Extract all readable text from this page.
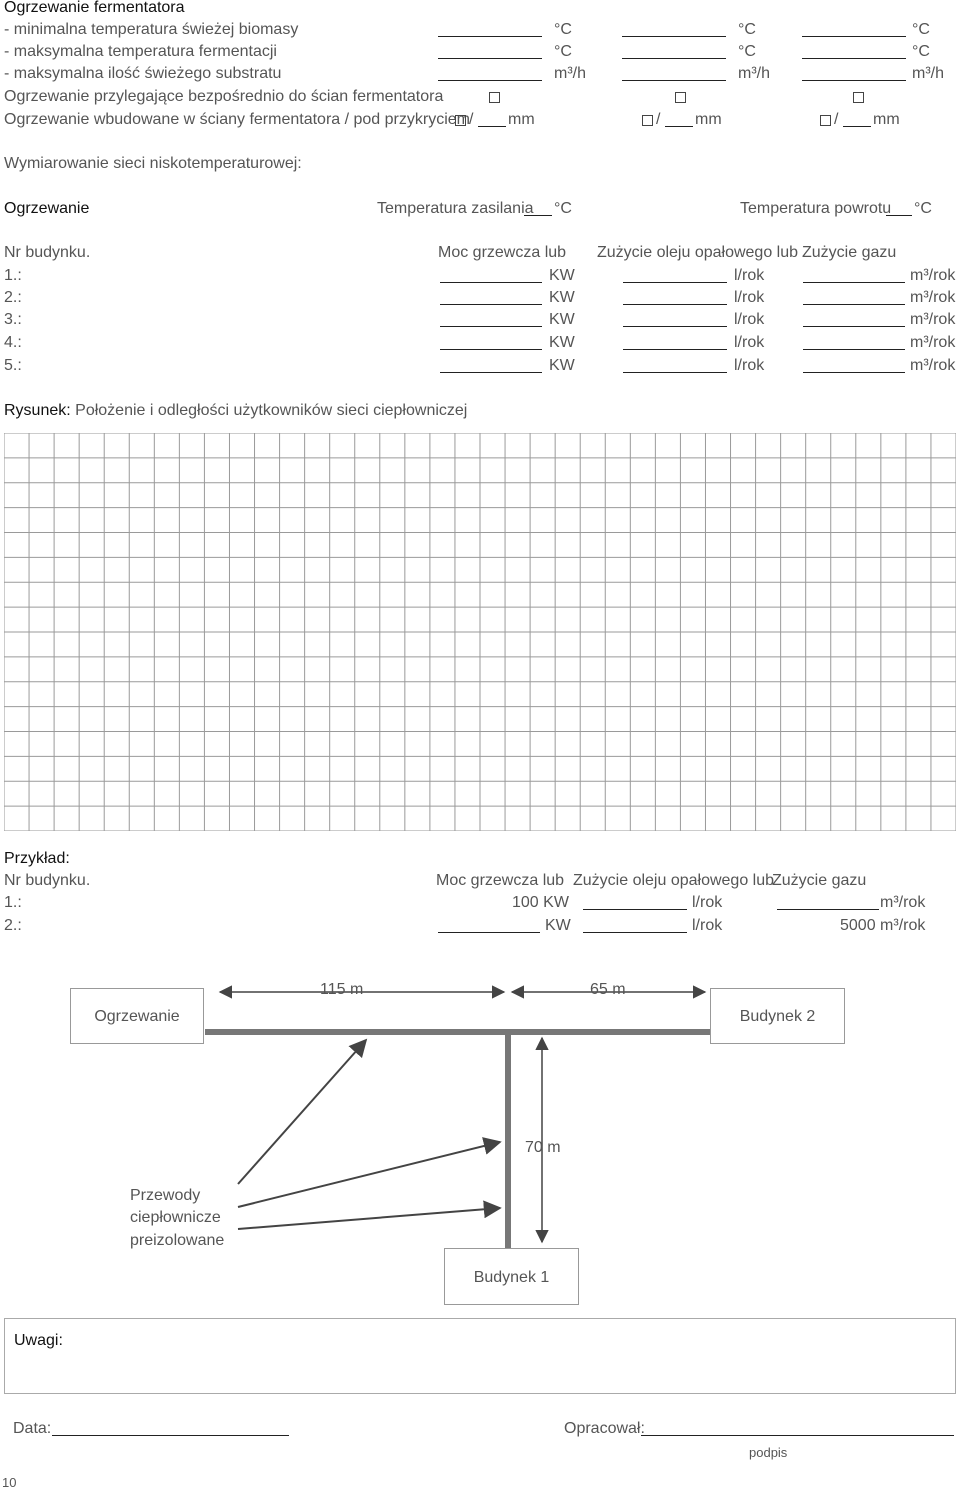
Ogrzewanie fermentatora
- minimalna temperatura świeżej biomasy	°C	°C	°C
- maksymalna temperatura fermentacji	°C	°C	°C
- maksymalna ilość świeżego substratu	m³/h	m³/h	m³/h
Ogrzewanie przylegające bezpośrednio do ścian fermentatora
Ogrzewanie wbudowane w ściany fermentatora / pod przykryciem / mm	/ mm	/ mm
Wymiarowanie sieci niskotemperaturowej:
Ogrzewanie	Temperatura zasilania °C	Temperatura powrotu °C
Nr budynku.	Moc grzewcza lub Zużycie oleju opałowego lub Zużycie gazu
1.:	KW	l/rok	m³/rok
2.:	KW	l/rok	m³/rok
3.:	KW	l/rok	m³/rok
4.:	KW	l/rok	m³/rok
5.:	KW	l/rok	m³/rok
Rysunek: Położenie i odległości użytkowników sieci ciepłowniczej
Przykład:
Nr budynku.	Moc grzewcza lub Zużycie oleju opałowego lub
Zużycie gazu
1.:	100 KW	l/rok	m³/rok
2.:	KW	l/rok	5000 m³/rok
Ogrzewanie	Budynek 2
Budynek 1
115 m	65 m
70 m
Przewody
ciepłownicze
preizolowane
Uwagi:
Data:	Opracował:
podpis
10
